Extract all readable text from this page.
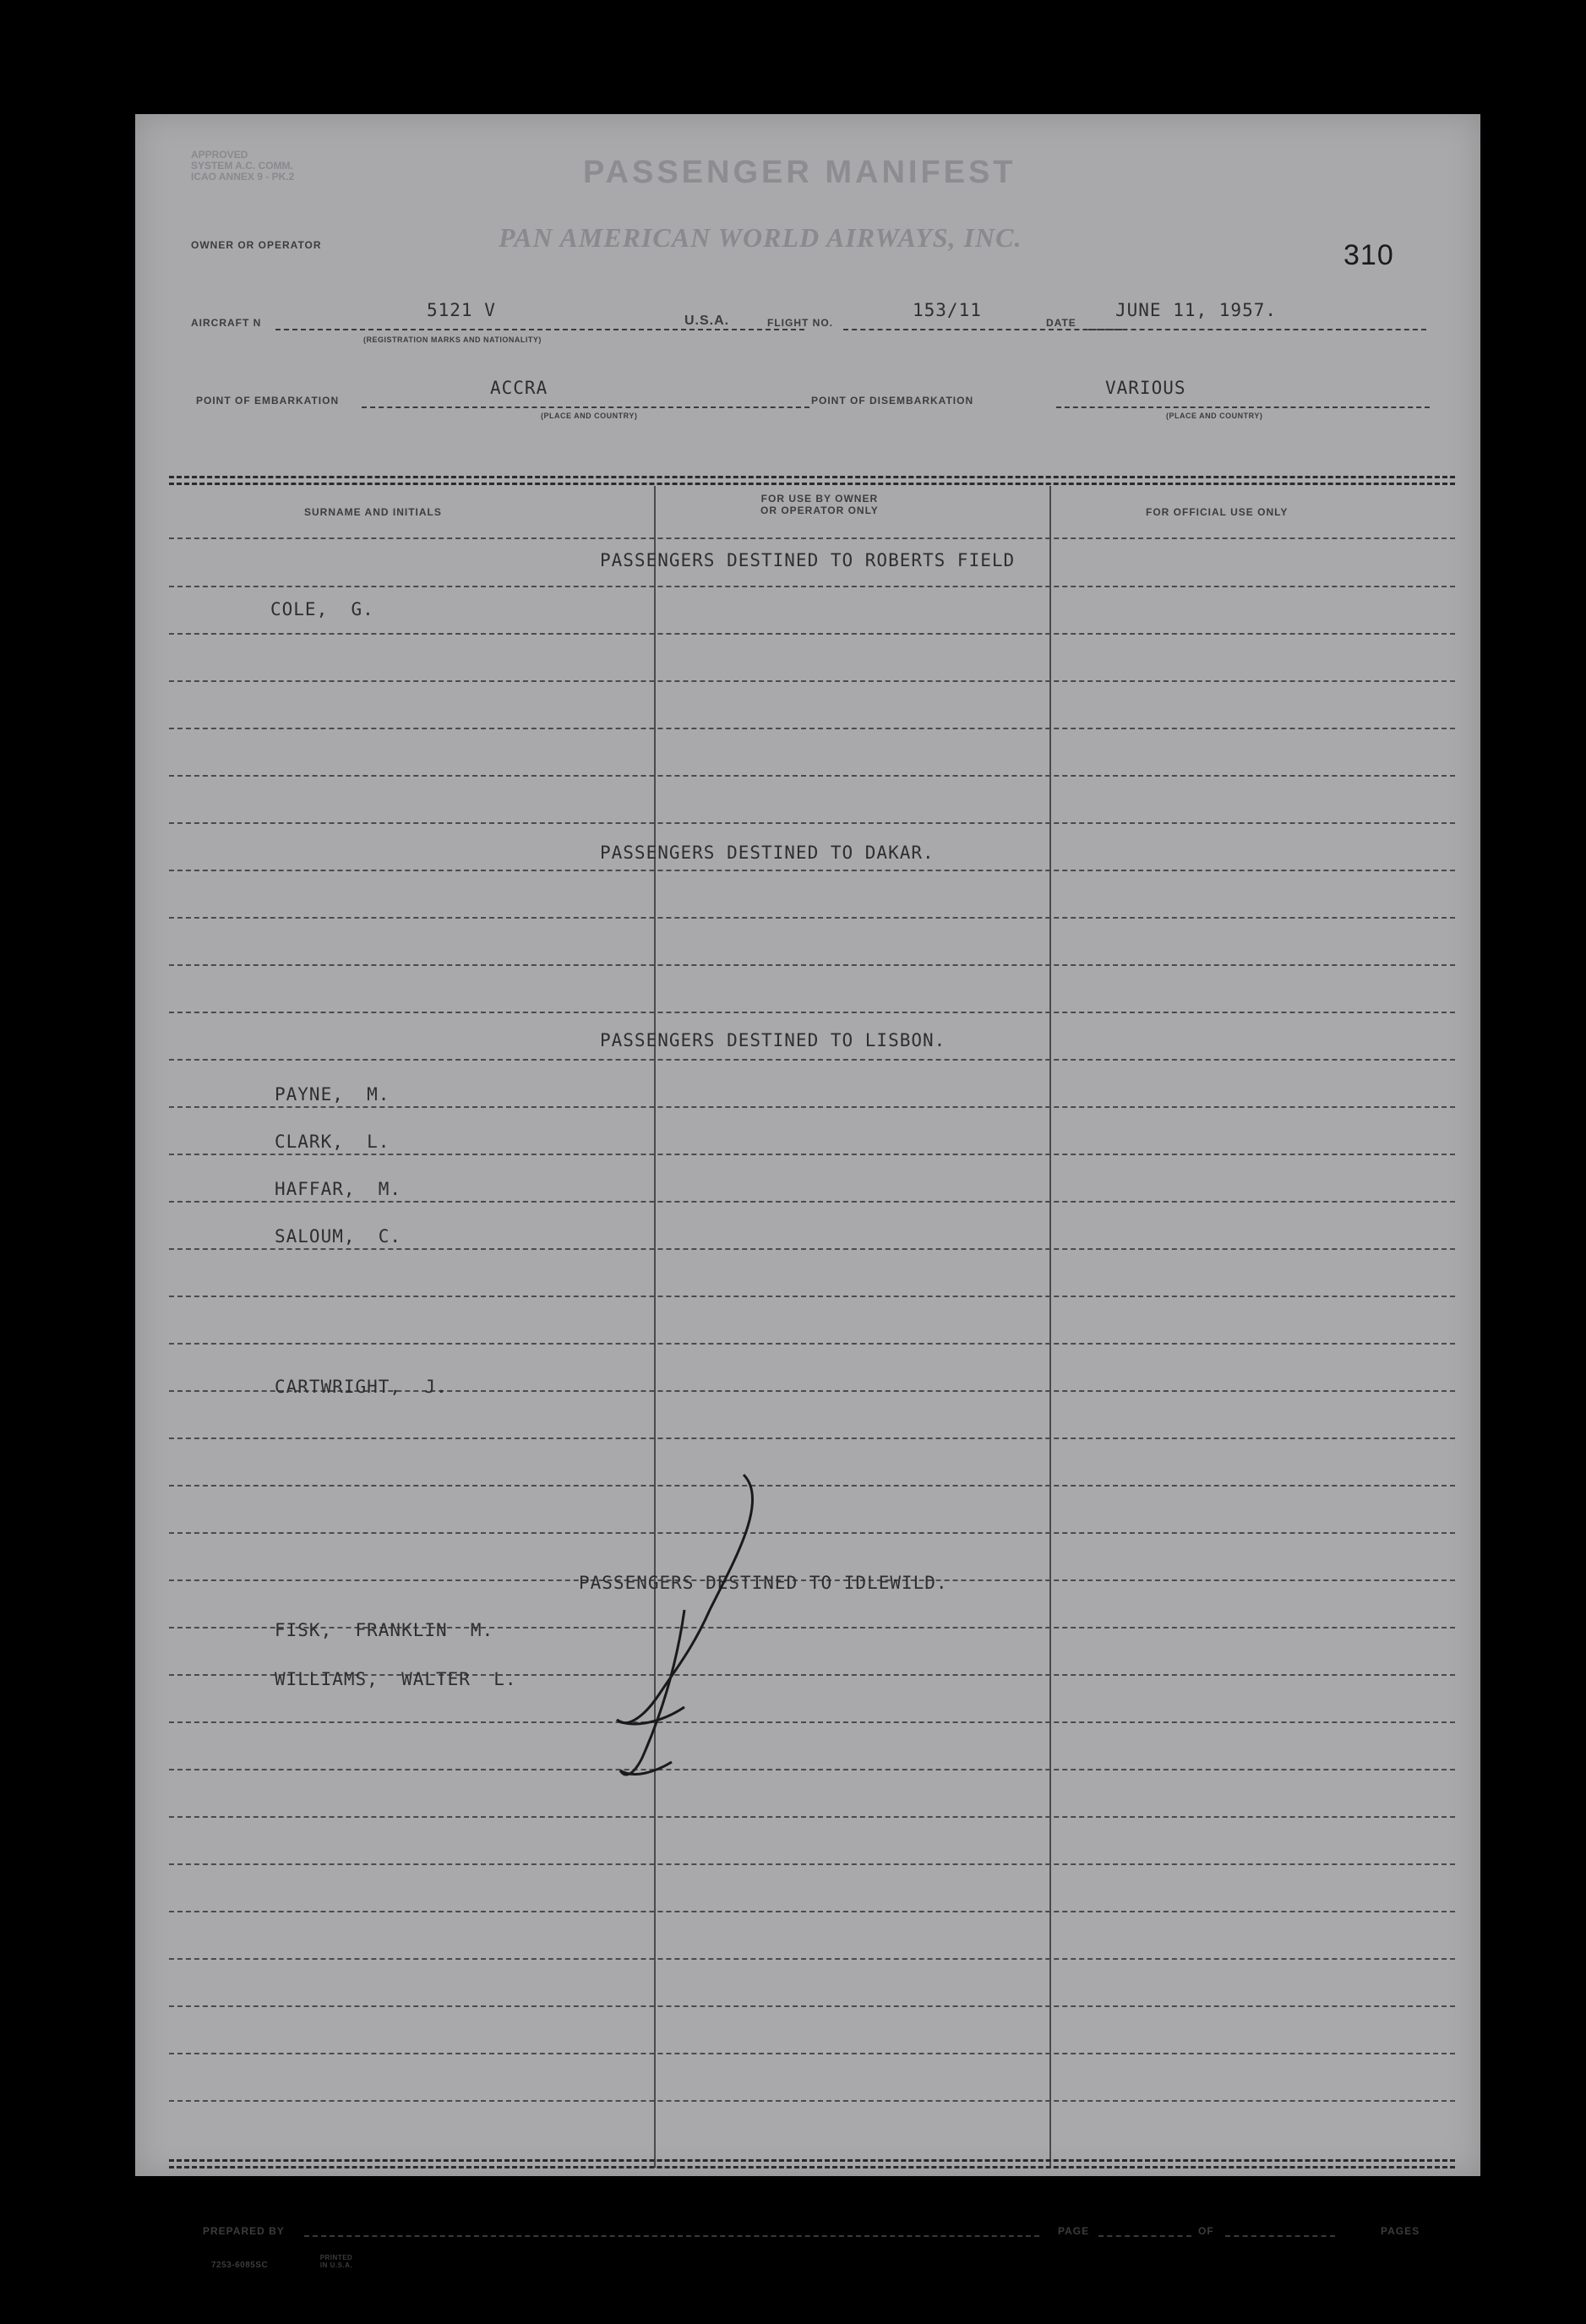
APPROVED
SYSTEM A.C. COMM.
ICAO ANNEX 9 - PK.2	PASSENGER MANIFEST
OWNER OR OPERATOR	PAN AMERICAN WORLD AIRWAYS, INC.
310
AIRCRAFT N
5121 V
(REGISTRATION MARKS AND NATIONALITY)
U.S.A.	FLIGHT NO.
153/11
DATE
JUNE 11, 1957.
POINT OF EMBARKATION
ACCRA
(PLACE AND COUNTRY)
POINT OF DISEMBARKATION
VARIOUS
(PLACE AND COUNTRY)
SURNAME AND INITIALS
FOR USE BY OWNER
OR OPERATOR ONLY	FOR OFFICIAL USE ONLY
PASSENGERS DESTINED TO ROBERTS FIELD
COLE,  G.
PASSENGERS DESTINED TO DAKAR.
PASSENGERS DESTINED TO LISBON.
PAYNE,  M.
CLARK,  L.
HAFFAR,  M.
SALOUM,  C.
CARTWRIGHT,  J.
PASSENGERS DESTINED TO IDLEWILD.
FISK,  FRANKLIN  M.
WILLIAMS,  WALTER  L.
PREPARED BY	PAGE	OF	PAGES
7253-6085SC
PRINTED IN U.S.A.
